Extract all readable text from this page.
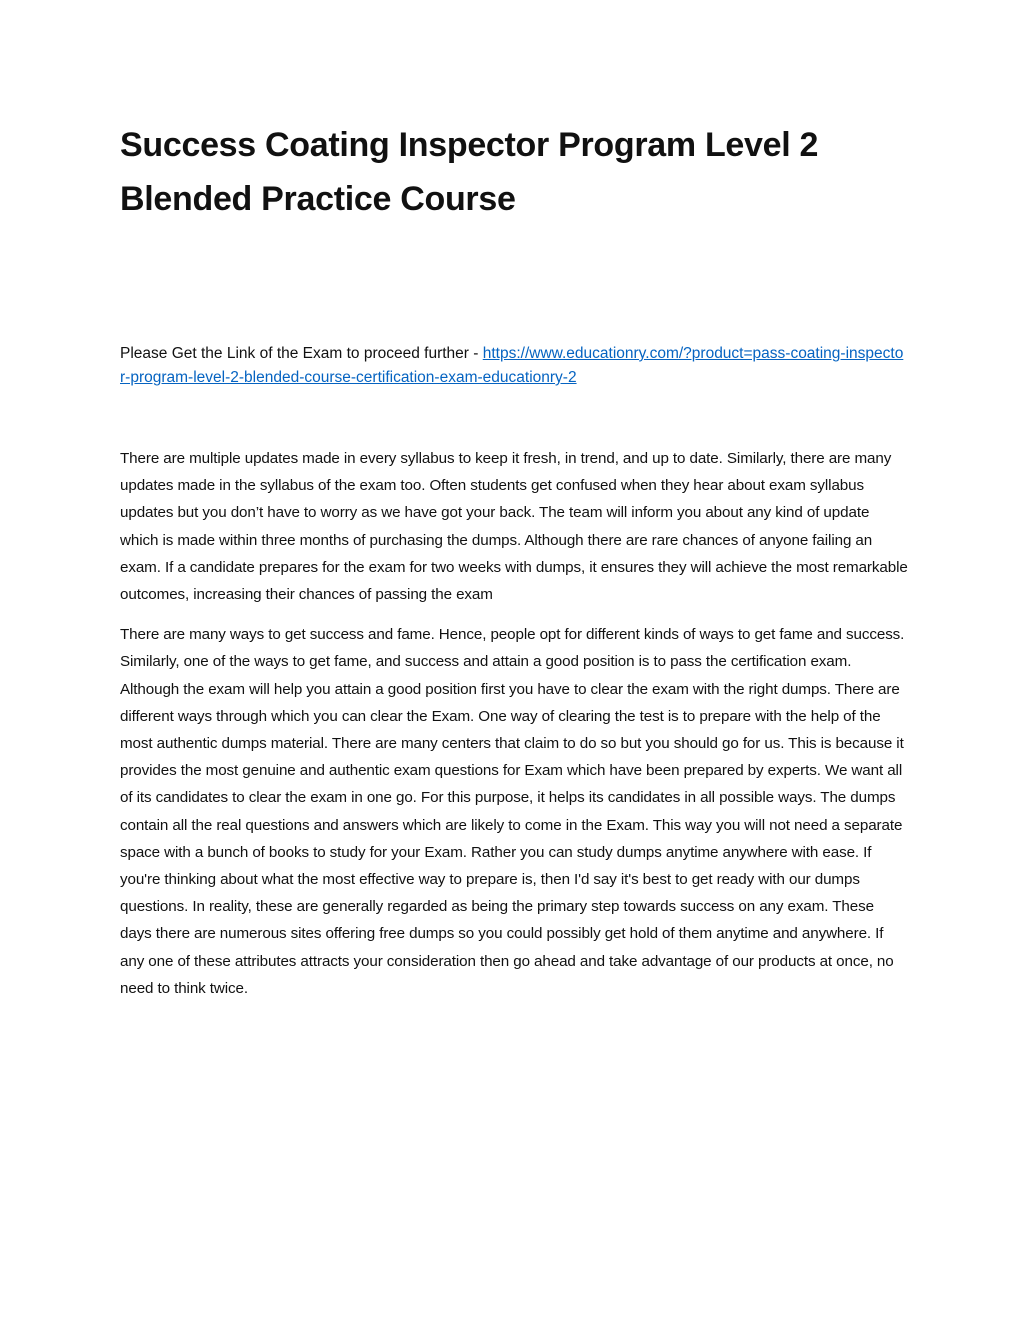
Success Coating Inspector Program Level 2 Blended Practice Course

Please Get the Link of the Exam to proceed further - https://www.educationry.com/?product=pass-coating-inspector-program-level-2-blended-course-certification-exam-educationry-2

There are multiple updates made in every syllabus to keep it fresh, in trend, and up to date. Similarly, there are many updates made in the syllabus of the exam too. Often students get confused when they hear about exam syllabus updates but you don’t have to worry as we have got your back. The team will inform you about any kind of update which is made within three months of purchasing the dumps. Although there are rare chances of anyone failing an exam. If a candidate prepares for the exam for two weeks with dumps, it ensures they will achieve the most remarkable outcomes, increasing their chances of passing the exam

There are many ways to get success and fame. Hence, people opt for different kinds of ways to get fame and success. Similarly, one of the ways to get fame, and success and attain a good position is to pass the certification exam. Although the exam will help you attain a good position first you have to clear the exam with the right dumps. There are different ways through which you can clear the Exam. One way of clearing the test is to prepare with the help of the most authentic dumps material. There are many centers that claim to do so but you should go for us. This is because it provides the most genuine and authentic exam questions for Exam which have been prepared by experts. We want all of its candidates to clear the exam in one go. For this purpose, it helps its candidates in all possible ways. The dumps contain all the real questions and answers which are likely to come in the Exam. This way you will not need a separate space with a bunch of books to study for your Exam. Rather you can study dumps anytime anywhere with ease. If you're thinking about what the most effective way to prepare is, then I'd say it's best to get ready with our dumps questions. In reality, these are generally regarded as being the primary step towards success on any exam. These days there are numerous sites offering free dumps so you could possibly get hold of them anytime and anywhere. If any one of these attributes attracts your consideration then go ahead and take advantage of our products at once, no need to think twice.
